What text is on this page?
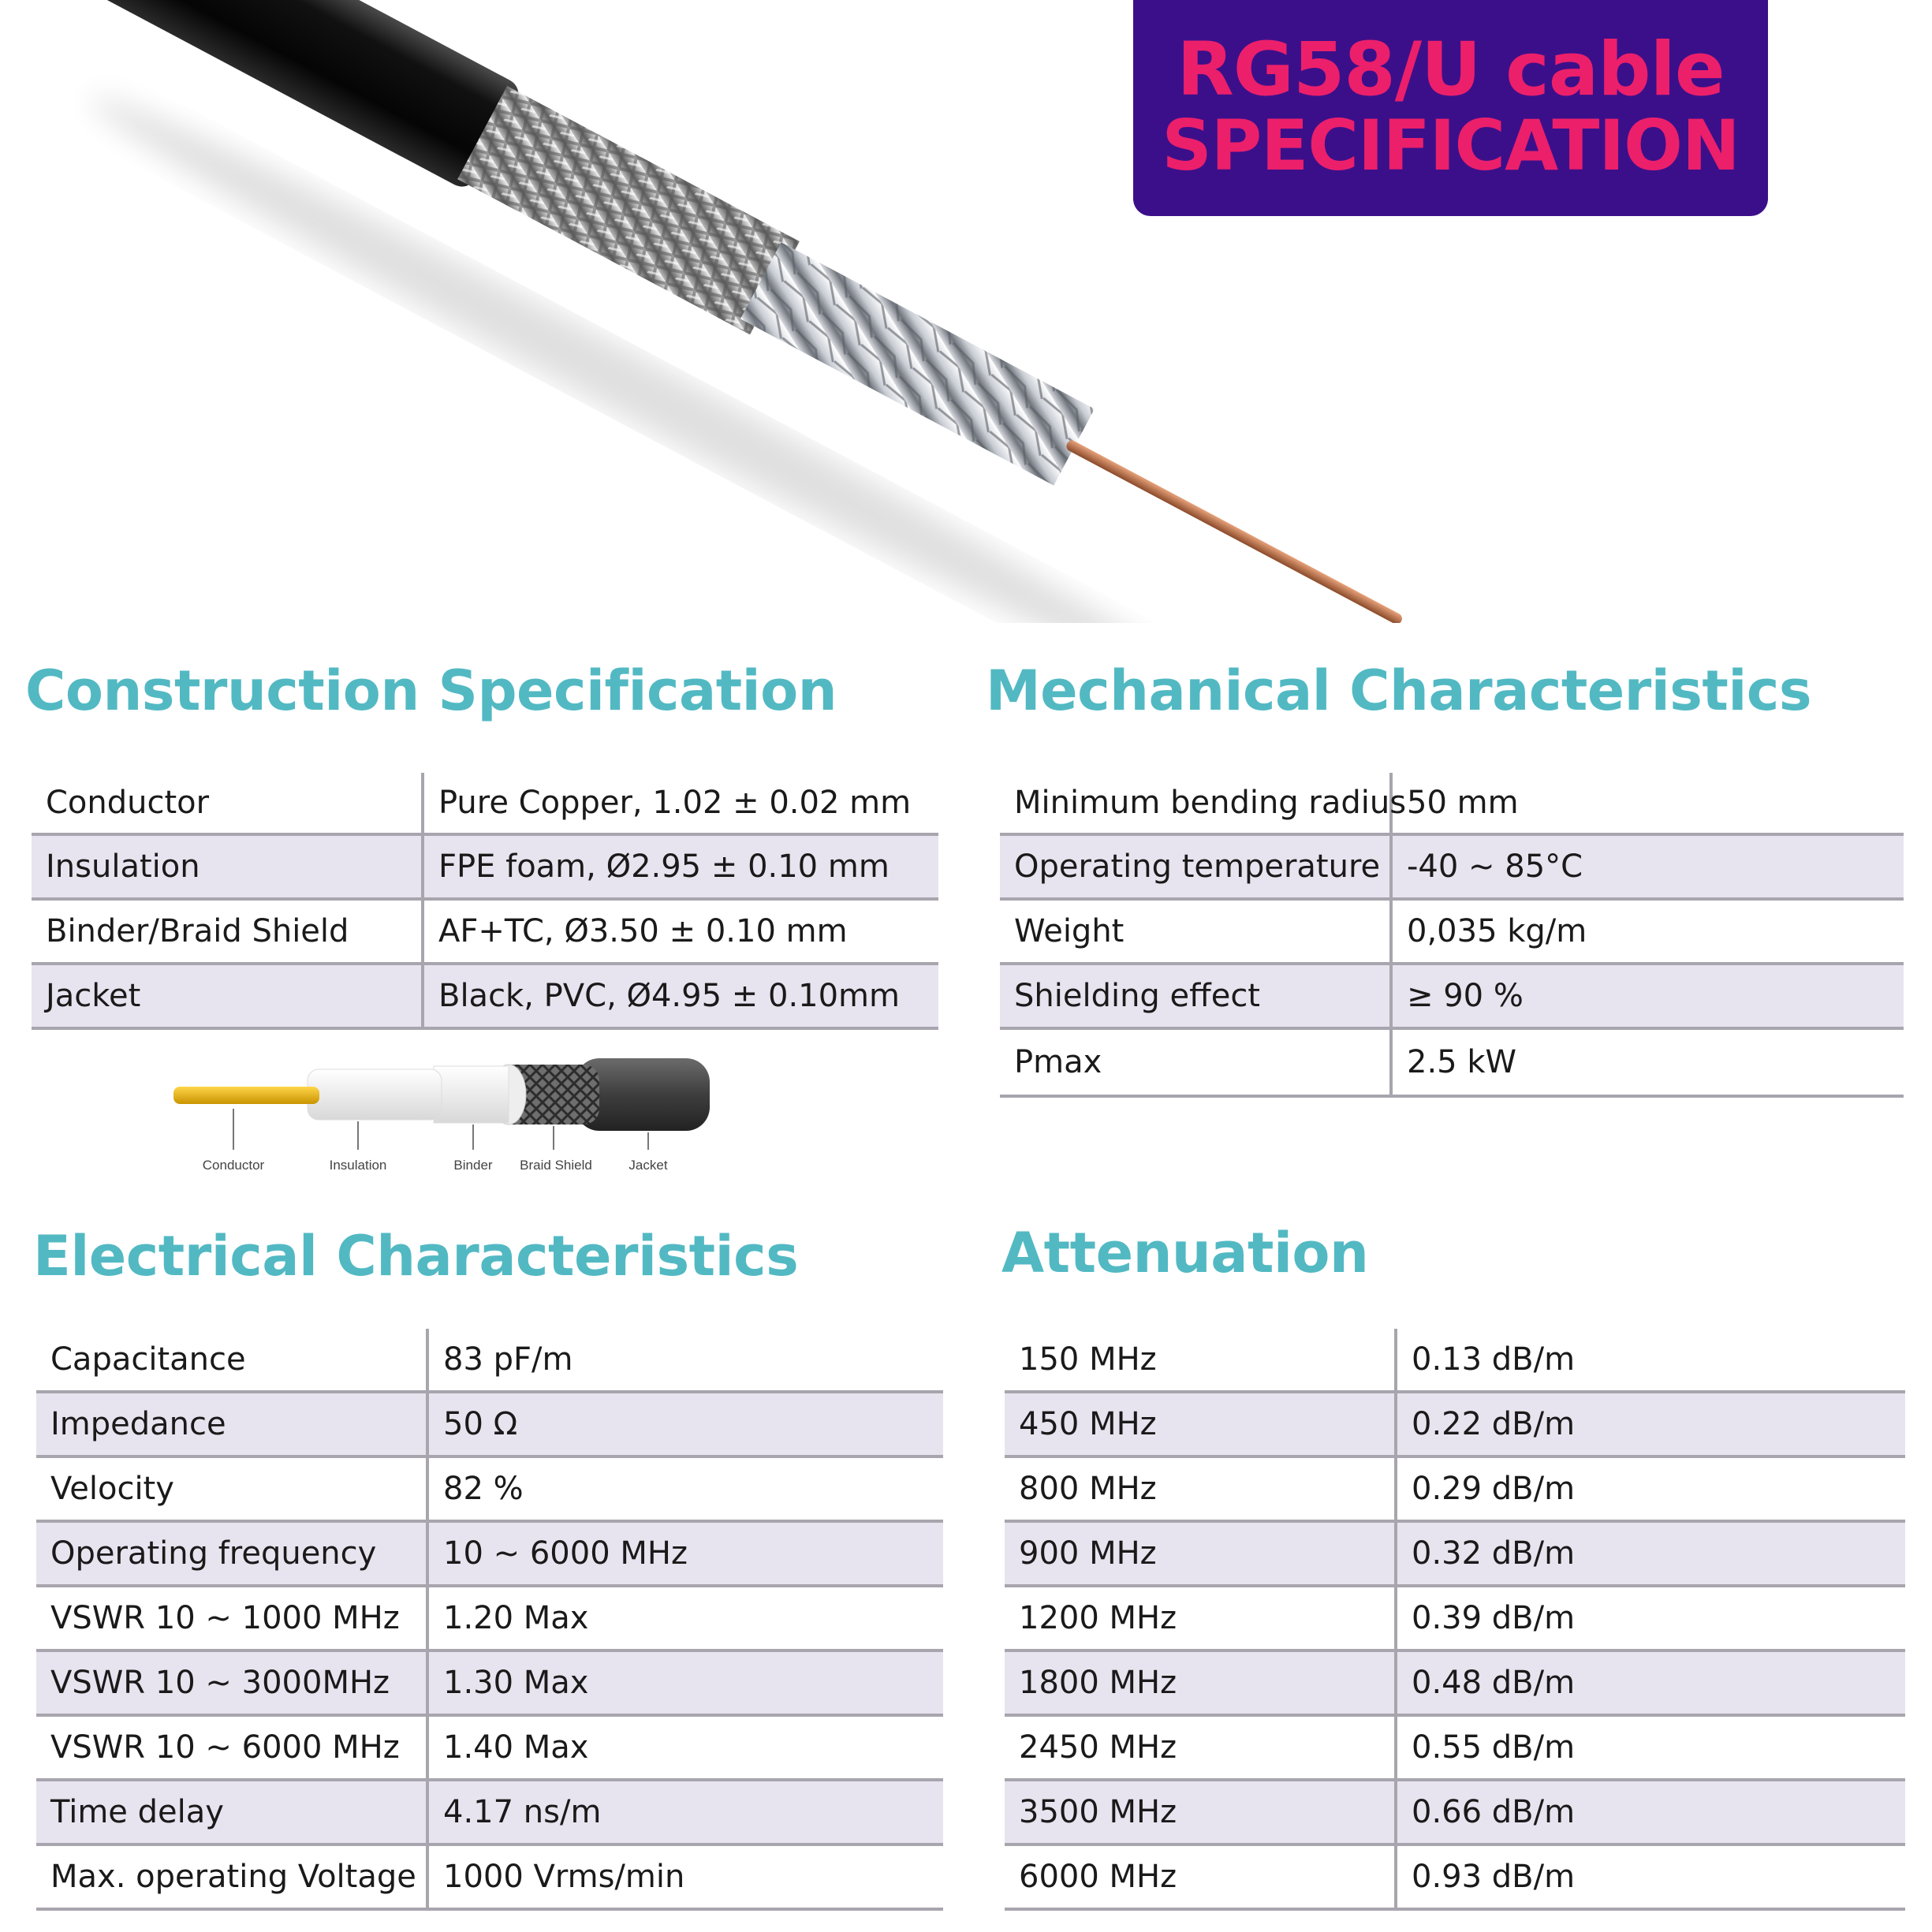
RG58/U cable
SPECIFICATION
Construction Specification
Conductor	Pure Copper, 1.02 ± 0.02 mm
Insulation	FPE foam, Ø2.95 ± 0.10 mm
Binder/Braid Shield	AF+TC, Ø3.50 ± 0.10 mm
Jacket	Black, PVC, Ø4.95 ± 0.10mm
Conductor	Insulation	Binder Braid Shield	Jacket
Mechanical Characteristics
Minimum bending radius 50 mm
Operating temperature -40 ~ 85°C
Weight	0,035 kg/m
Shielding effect	≥ 90 %
Pmax	2.5 kW
Electrical Characteristics
Capacitance	83 pF/m
Impedance	50 Ω
Velocity	82 %
Operating frequency	10 ~ 6000 MHz
VSWR 10 ~ 1000 MHz	1.20 Max
VSWR 10 ~ 3000MHz	1.30 Max
VSWR 10 ~ 6000 MHz	1.40 Max
Time delay	4.17 ns/m
Max. operating Voltage 1000 Vrms/min
Attenuation
150 MHz	0.13 dB/m
450 MHz	0.22 dB/m
800 MHz	0.29 dB/m
900 MHz	0.32 dB/m
1200 MHz	0.39 dB/m
1800 MHz	0.48 dB/m
2450 MHz	0.55 dB/m
3500 MHz	0.66 dB/m
6000 MHz	0.93 dB/m
